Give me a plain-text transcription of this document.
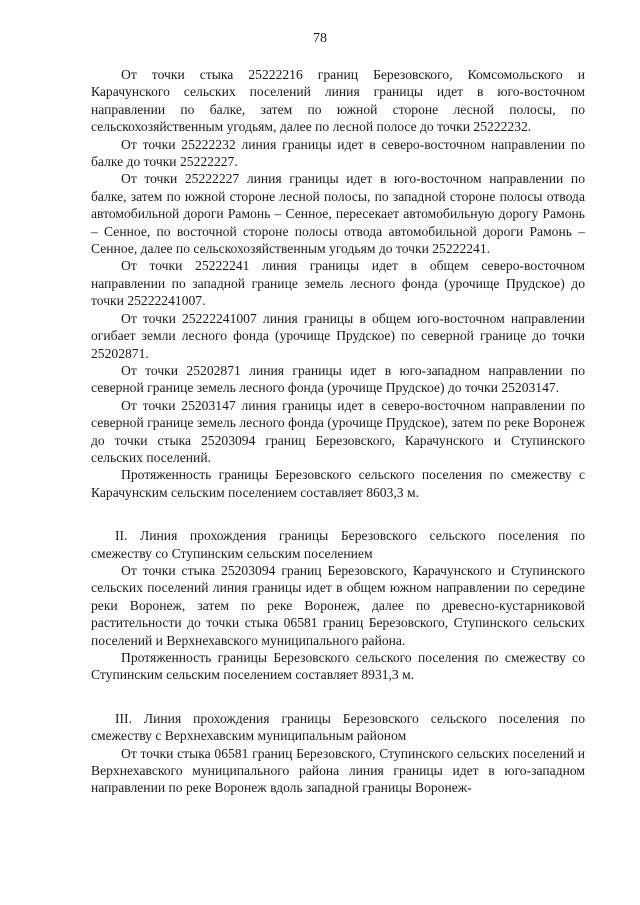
78

От точки стыка 25222216 границ Березовского, Комсомольского и Карачунского сельских поселений линия границы идет в юго-восточном направлении по балке, затем по южной стороне лесной полосы, по сельскохозяйственным угодьям, далее по лесной полосе до точки 25222232.

От точки 25222232 линия границы идет в северо-восточном направлении по балке до точки 25222227.

От точки 25222227 линия границы идет в юго-восточном направлении по балке, затем по южной стороне лесной полосы, по западной стороне полосы отвода автомобильной дороги Рамонь – Сенное, пересекает автомобильную дорогу Рамонь – Сенное, по восточной стороне полосы отвода автомобильной дороги Рамонь – Сенное, далее по сельскохозяйственным угодьям до точки 25222241.

От точки 25222241 линия границы идет в общем северо-восточном направлении по западной границе земель лесного фонда (урочище Прудское) до точки 25222241007.

От точки 25222241007 линия границы в общем юго-восточном направлении огибает земли лесного фонда (урочище Прудское) по северной границе до точки 25202871.

От точки 25202871 линия границы идет в юго-западном направлении по северной границе земель лесного фонда (урочище Прудское) до точки 25203147.

От точки 25203147 линия границы идет в северо-восточном направлении по северной границе земель лесного фонда (урочище Прудское), затем по реке Воронеж до точки стыка 25203094 границ Березовского, Карачунского и Ступинского сельских поселений.

Протяженность границы Березовского сельского поселения по смежеству с Карачунским сельским поселением составляет 8603,3 м.

II. Линия прохождения границы Березовского сельского поселения по смежеству со Ступинским сельским поселением

От точки стыка 25203094 границ Березовского, Карачунского и Ступинского сельских поселений линия границы идет в общем южном направлении по середине реки Воронеж, затем по реке Воронеж, далее по древесно-кустарниковой растительности до точки стыка 06581 границ Березовского, Ступинского сельских поселений и Верхнехавского муниципального района.

Протяженность границы Березовского сельского поселения по смежеству со Ступинским сельским поселением составляет 8931,3 м.

III. Линия прохождения границы Березовского сельского поселения по смежеству с Верхнехавским муниципальным районом

От точки стыка 06581 границ Березовского, Ступинского сельских поселений и Верхнехавского муниципального района линия границы идет в юго-западном направлении по реке Воронеж вдоль западной границы Воронеж-
